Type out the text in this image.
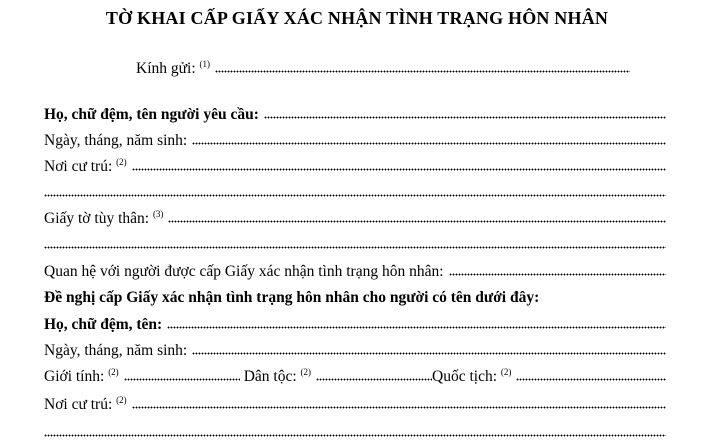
TỜ KHAI CẤP GIẤY XÁC NHẬN TÌNH TRẠNG HÔN NHÂN
Kính gửi: $^{(1)}$
Họ, chữ đệm, tên người yêu cầu:
Ngày, tháng, năm sinh:
Nơi cư trú: $^{(2)}$
Giấy tờ tùy thân: $^{(3)}$
Quan hệ với người được cấp Giấy xác nhận tình trạng hôn nhân:
Đề nghị cấp Giấy xác nhận tình trạng hôn nhân cho người có tên dưới đây:
Họ, chữ đệm, tên:
Ngày, tháng, năm sinh:
Giới tính: $^{(2)}$	Dân tộc: $^{(2)}$	Quốc tịch: $^{(2)}$
Nơi cư trú: $^{(2)}$
